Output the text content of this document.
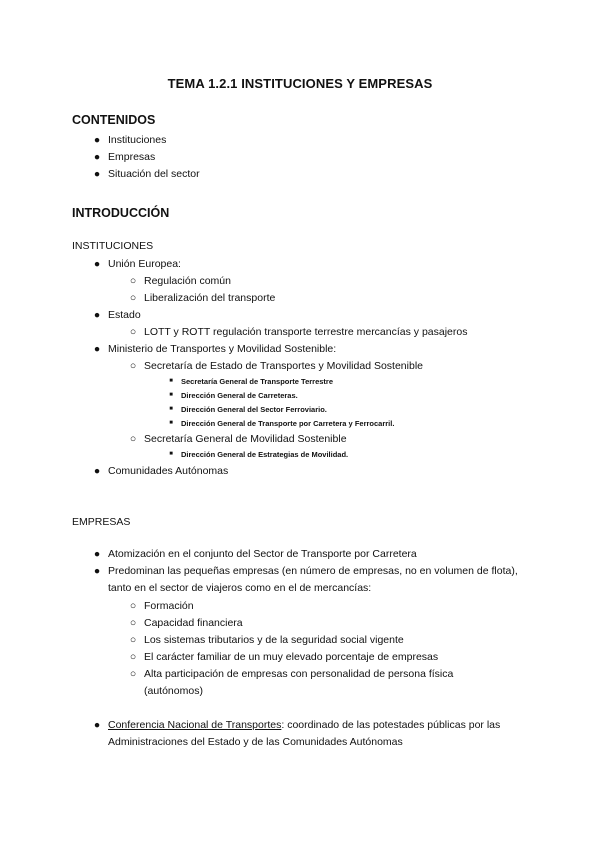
TEMA 1.2.1 INSTITUCIONES Y EMPRESAS
CONTENIDOS
● Instituciones
● Empresas
● Situación del sector
INTRODUCCIÓN
INSTITUCIONES
● Unión Europea:
○ Regulación común
○ Liberalización del transporte
● Estado
○ LOTT y ROTT regulación transporte terrestre mercancías y pasajeros
● Ministerio de Transportes y Movilidad Sostenible:
○ Secretaría de Estado de Transportes y Movilidad Sostenible
■	Secretaría General de Transporte Terrestre
■	Dirección General de Carreteras.
■	Dirección General del Sector Ferroviario.
■	Dirección General de Transporte por Carretera y Ferrocarril.
○ Secretaría General de Movilidad Sostenible
■	Dirección General de Estrategias de Movilidad.
● Comunidades Autónomas
EMPRESAS
● Atomización en el conjunto del Sector de Transporte por Carretera
● Predominan las pequeñas empresas (en número de empresas, no en volumen de flota), tanto en el sector de viajeros como en el de mercancías:
○ Formación
○ Capacidad financiera
○ Los sistemas tributarios y de la seguridad social vigente
○ El carácter familiar de un muy elevado porcentaje de empresas
○ Alta participación de empresas con personalidad de persona física (autónomos)
● Conferencia Nacional de Transportes: coordinado de las potestades públicas por las Administraciones del Estado y de las Comunidades Autónomas
